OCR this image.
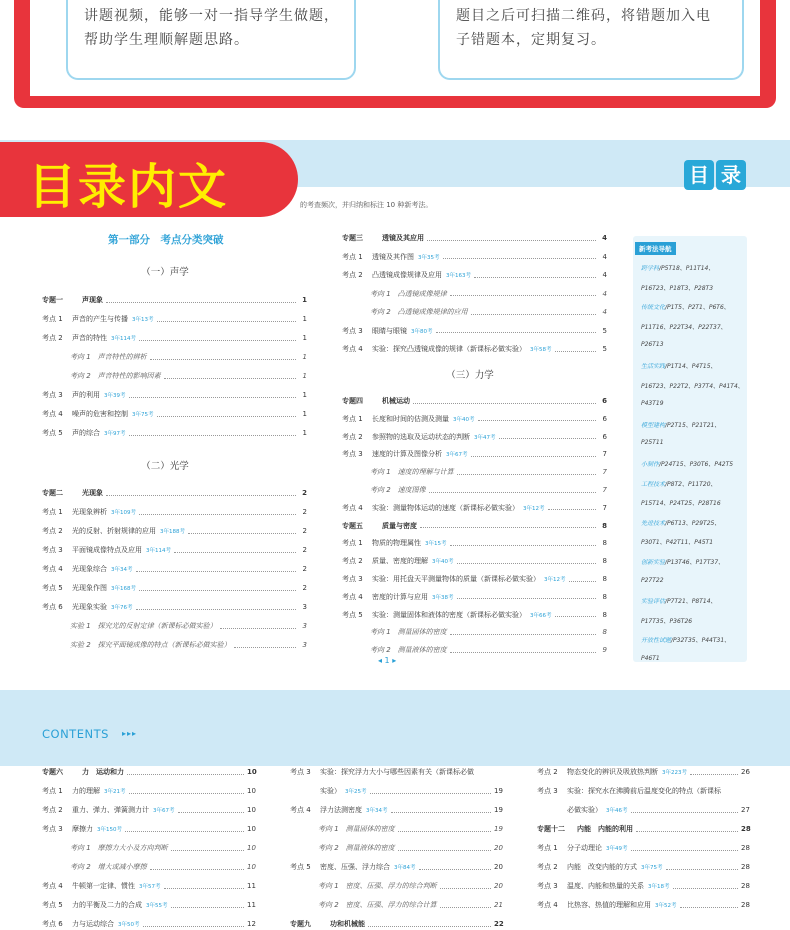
讲题视频，能够一对一指导学生做题，
帮助学生理顺解题思路。
题目之后可扫描二维码，将错题加入电
子错题本，定期复习。
目录内文	目 录
的考查频次，并归纳和标注 10 种新考法。
第一部分　考点分类突破
（一）声学
专题一	声现象	1
考点 1	声音的产生与传播 3年13考	1
考点 2	声音的特性 3年114考	1
考向 1　声音特性的辨析	1
考向 2　声音特性的影响因素	1
考点 3	声的利用 3年39考	1
考点 4	噪声的危害和控制 3年75考	1
考点 5	声的综合 3年97考	1
（二）光学
专题二	光现象	2
考点 1	光现象辨析 3年109考	2
考点 2	光的反射、折射规律的应用 3年188考	2
考点 3	平面镜成像特点及应用 3年114考	2
考点 4	光现象综合 3年34考	2
考点 5	光现象作图 3年168考	2
考点 6	光现象实验 3年76考	3
实验 1　探究光的反射定律（新课标必做实验）	3
实验 2　探究平面镜成像的特点（新课标必做实验）	3
专题三	透镜及其应用	4
考点 1	透镜及其作图 3年35考	4
考点 2	凸透镜成像规律及应用 3年163考	4
考向 1　凸透镜成像规律	4
考向 2　凸透镜成像规律的应用	4
考点 3	眼睛与眼镜 3年80考	5
考点 4	实验：探究凸透镜成像的规律（新课标必做实验） 3年58考	5
（三）力学
专题四	机械运动	6
考点 1	长度和时间的估测及测量 3年40考	6
考点 2	参照物的选取及运动状态的判断 3年47考	6
考点 3	速度的计算及图像分析 3年67考	7
考向 1　速度的理解与计算	7
考向 2　速度图像	7
考点 4	实验：测量物体运动的速度（新课标必做实验） 3年12考	7
专题五	质量与密度	8
考点 1	物质的物理属性 3年15考	8
考点 2	质量、密度的理解 3年40考	8
考点 3	实验：用托盘天平测量物体的质量（新课标必做实验） 3年12考	8
考点 4	密度的计算与应用 3年38考	8
考点 5	实验：测量固体和液体的密度（新课标必做实验） 3年66考	8
考向 1　测量固体的密度	8
考向 2　测量液体的密度	9
新考法导航
跨学科/P5T18、P11T14、
P16T23、P18T3、P28T3
传统文化/P1T5、P2T1、P6T6、
P11T16、P22T34、P22T37、
P26T13
生活实践/P1T14、P4T15、
P16T23、P22T2、P37T4、P41T4、
P43T19
模型建构/P2T15、P21T21、
P25T11
小制作/P24T15、P30T6、P42T5
工程技术/P8T2、P11T20、
P15T14、P24T25、P28T16
先进技术/P6T13、P29T25、
P30T1、P42T11、P45T1
创新实验/P13T46、P17T37、
P27T22
实验评估/P7T21、P8T14、
P17T35、P36T26
开放性试题/P32T35、P44T31、
P46T1
◂ 1 ▸
CONTENTS ▸▸▸
专题六	力　运动和力	10
考点 1	力的理解 3年21考	10
考点 2	重力、弹力、弹簧测力计 3年67考	10
考点 3	摩擦力 3年150考	10
考向 1　摩擦力大小及方向判断	10
考向 2　增大或减小摩擦	10
考点 4	牛顿第一定律、惯性 3年57考	11
考点 5	力的平衡及二力的合成 3年55考	11
考点 6	力与运动综合 3年50考	12
考点 3	实验：探究浮力大小与哪些因素有关（新课标必做
实验） 3年25考	19
考点 4	浮力法测密度 3年34考	19
考向 1　测量固体的密度	19
考向 2　测量液体的密度	20
考点 5	密度、压强、浮力综合 3年84考	20
考向 1　密度、压强、浮力的综合判断	20
考向 2　密度、压强、浮力的综合计算	21
专题九	功和机械能	22
考点 2	物态变化的辨识及吸放热判断 3年223考	26
考点 3	实验：探究水在沸腾前后温度变化的特点（新课标
必做实验） 3年46考	27
专题十二	内能　内能的利用	28
考点 1	分子动理论 3年49考	28
考点 2	内能　改变内能的方式 3年75考	28
考点 3	温度、内能和热量的关系 3年18考	28
考点 4	比热容、热值的理解和应用 3年52考	28
